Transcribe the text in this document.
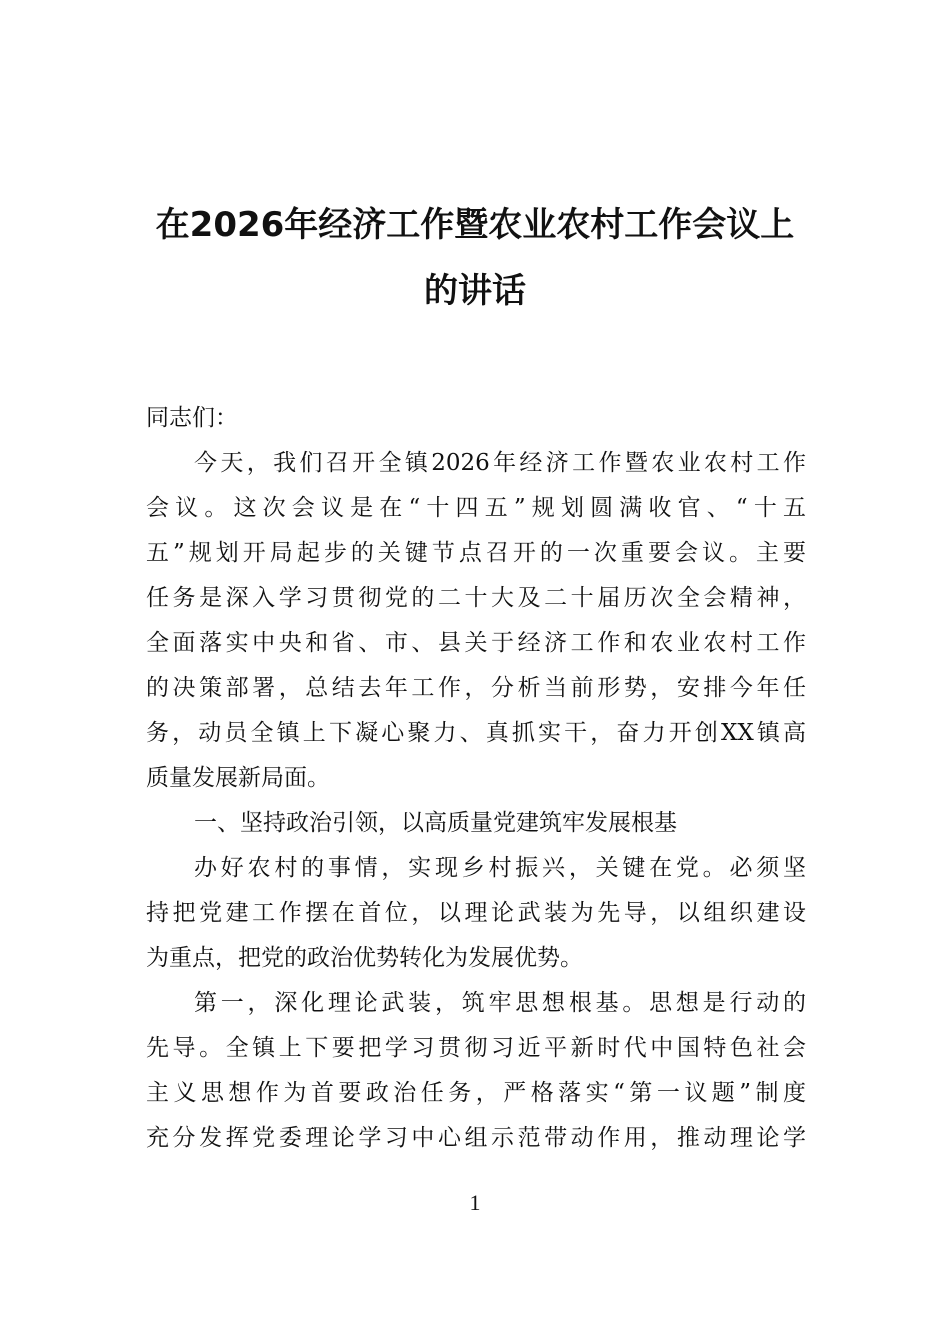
在2026年经济工作暨农业农村工作会议上
的讲话
同志们：
今天，我们召开全镇2026年经济工作暨农业农村工作
会议。这次会议是在“十四五”规划圆满收官、“十五
五”规划开局起步的关键节点召开的一次重要会议。主要
任务是深入学习贯彻党的二十大及二十届历次全会精神，
全面落实中央和省、市、县关于经济工作和农业农村工作
的决策部署，总结去年工作，分析当前形势，安排今年任
务，动员全镇上下凝心聚力、真抓实干，奋力开创XX镇高
质量发展新局面。
一、坚持政治引领，以高质量党建筑牢发展根基
办好农村的事情，实现乡村振兴，关键在党。必须坚
持把党建工作摆在首位，以理论武装为先导，以组织建设
为重点，把党的政治优势转化为发展优势。
第一，深化理论武装，筑牢思想根基。思想是行动的
先导。全镇上下要把学习贯彻习近平新时代中国特色社会
主义思想作为首要政治任务，严格落实“第一议题”制度
充分发挥党委理论学习中心组示范带动作用，推动理论学
1
